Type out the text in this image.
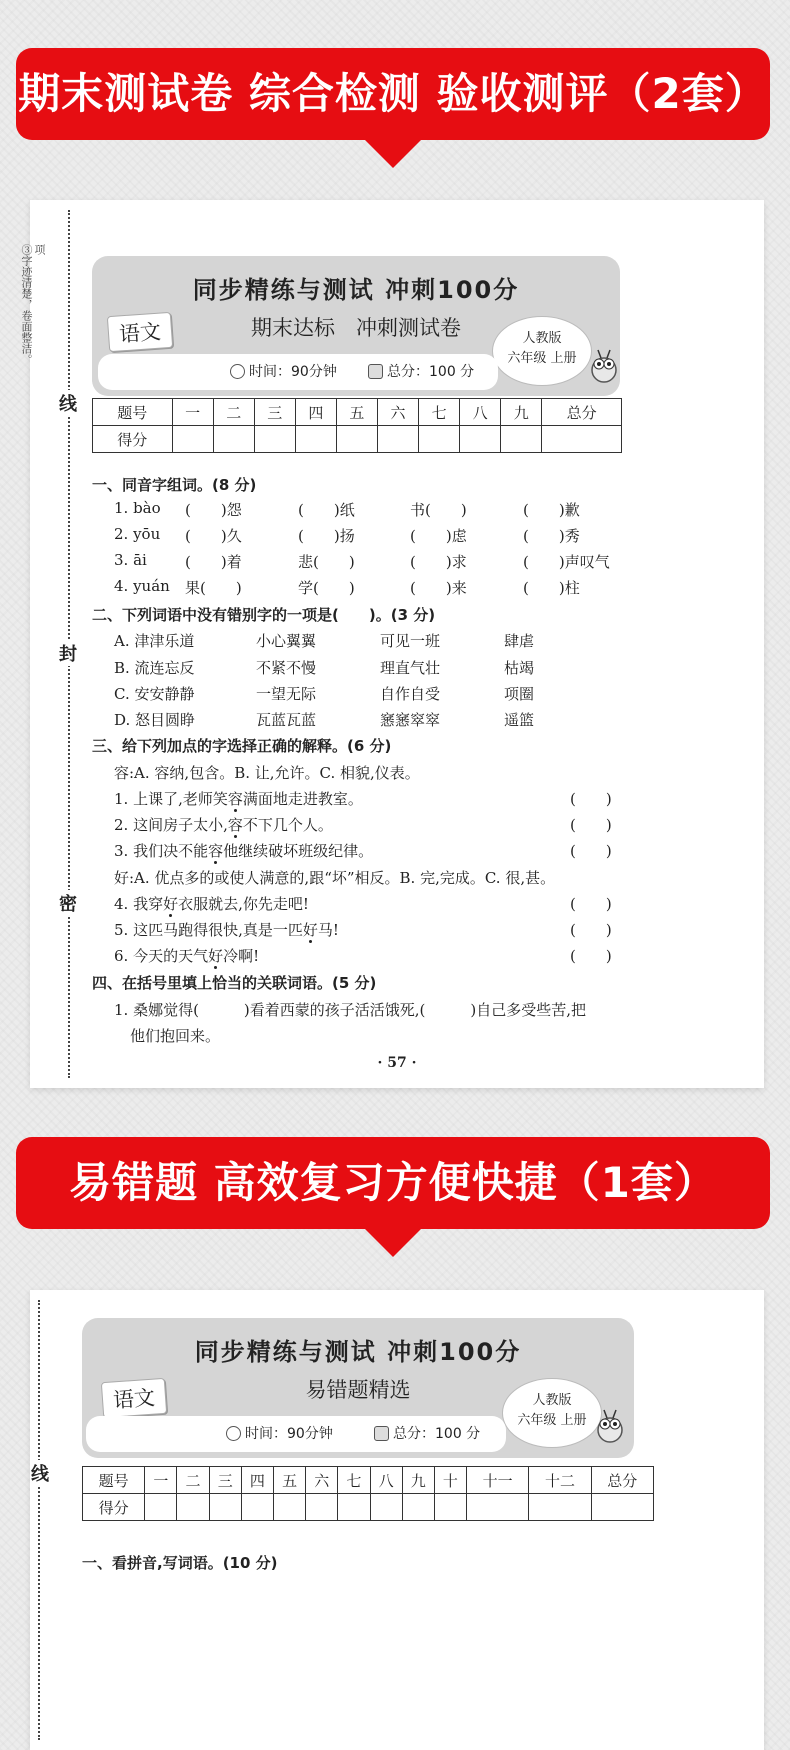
期末测试卷 综合检测 验收测评（2套）
项
③字迹清楚，卷面整洁。
线
封
密
同步精练与测试 冲刺100分
期末达标　冲刺测试卷
语文	人教版
六年级 上册
时间：90分钟	总分：100 分
题号	一	二	三	四	五	六	七	八	九	总分
得分										
一、同音字组词。(8 分)
1. bào (　　)怨	(　　)纸	书(　　)	(　　)歉
2. yōu (　　)久	(　　)扬	(　　)虑	(　　)秀
3. āi	(　　)着	悲(　　)	(　　)求	(　　)声叹气
4. yuán 果(　　)	学(　　)	(　　)来	(　　)柱
二、下列词语中没有错别字的一项是(　　)。(3 分)
A. 津津乐道	小心翼翼	可见一班	肆虐
B. 流连忘反	不紧不慢	理直气壮	枯竭
C. 安安静静	一望无际	自作自受	项圈
D. 怒目圆睁	瓦蓝瓦蓝	窸窸窣窣	遥篮
三、给下列加点的字选择正确的解释。(6 分)
容:A. 容纳,包含。B. 让,允许。C. 相貌,仪表。
1. 上课了,老师笑容满面地走进教室。	(　　)
2. 这间房子太小,容不下几个人。	(　　)
3. 我们决不能容他继续破坏班级纪律。	(　　)
好:A. 优点多的或使人满意的,跟“坏”相反。B. 完,完成。C. 很,甚。
4. 我穿好衣服就去,你先走吧!	(　　)
5. 这匹马跑得很快,真是一匹好马!	(　　)
6. 今天的天气好冷啊!	(　　)
四、在括号里填上恰当的关联词语。(5 分)
1. 桑娜觉得(　　　)看着西蒙的孩子活活饿死,(　　　)自己多受些苦,把
他们抱回来。
· 57 ·
易错题 高效复习方便快捷（1套）
线
同步精练与测试 冲刺100分
易错题精选
语文	人教版
六年级 上册
时间：90分钟	总分：100 分
题号	一	二	三	四	五	六	七	八	九	十	十一	十二	总分
得分													
一、看拼音,写词语。(10 分)
